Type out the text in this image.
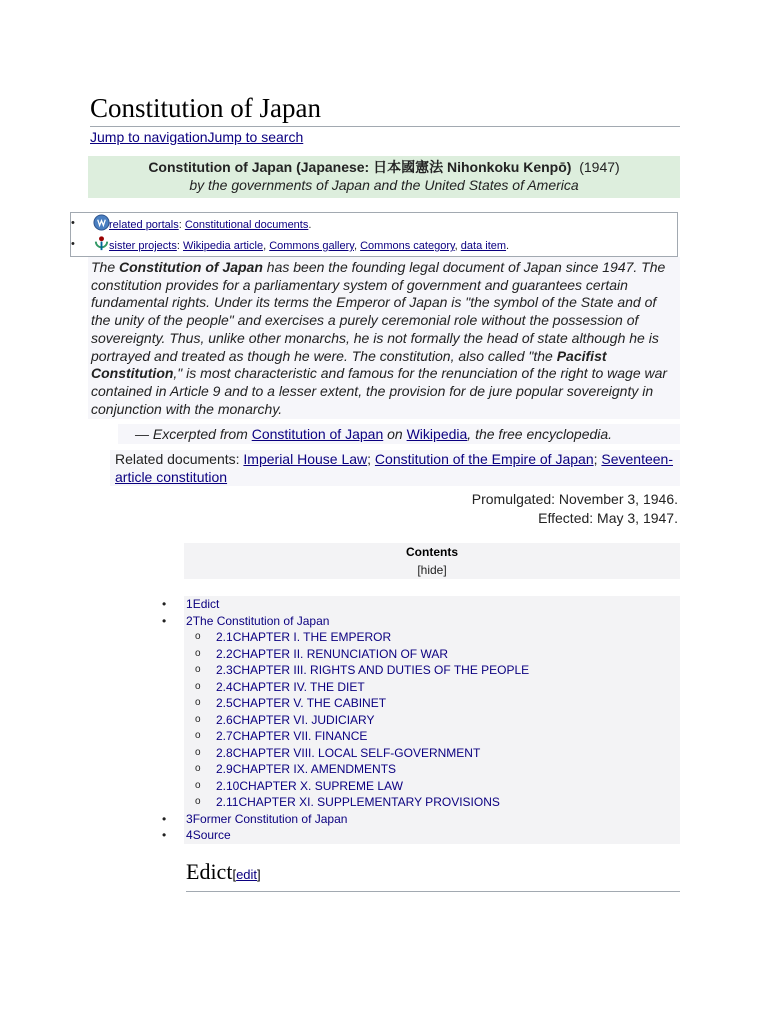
Constitution of Japan
Jump to navigationJump to search
Constitution of Japan (Japanese: 日本國憲法 Nihonkoku Kenpō) (1947)
by the governments of Japan and the United States of America
•	related portals: Constitutional documents.
•	sister projects: Wikipedia article, Commons gallery, Commons category, data item.
The Constitution of Japan has been the founding legal document of Japan since 1947. The constitution provides for a parliamentary system of government and guarantees certain fundamental rights. Under its terms the Emperor of Japan is "the symbol of the State and of the unity of the people" and exercises a purely ceremonial role without the possession of sovereignty. Thus, unlike other monarchs, he is not formally the head of state although he is portrayed and treated as though he were. The constitution, also called "the Pacifist Constitution," is most characteristic and famous for the renunciation of the right to wage war contained in Article 9 and to a lesser extent, the provision for de jure popular sovereignty in conjunction with the monarchy.
— Excerpted from Constitution of Japan on Wikipedia, the free encyclopedia.
Related documents: Imperial House Law; Constitution of the Empire of Japan; Seventeen-article constitution
Promulgated: November 3, 1946.
Effected: May 3, 1947.
Contents
[hide]
• 1Edict
• 2The Constitution of Japan
o 2.1CHAPTER I. THE EMPEROR
o 2.2CHAPTER II. RENUNCIATION OF WAR
o 2.3CHAPTER III. RIGHTS AND DUTIES OF THE PEOPLE
o 2.4CHAPTER IV. THE DIET
o 2.5CHAPTER V. THE CABINET
o 2.6CHAPTER VI. JUDICIARY
o 2.7CHAPTER VII. FINANCE
o 2.8CHAPTER VIII. LOCAL SELF-GOVERNMENT
o 2.9CHAPTER IX. AMENDMENTS
o 2.10CHAPTER X. SUPREME LAW
o 2.11CHAPTER XI. SUPPLEMENTARY PROVISIONS
• 3Former Constitution of Japan
• 4Source
Edict[edit]
